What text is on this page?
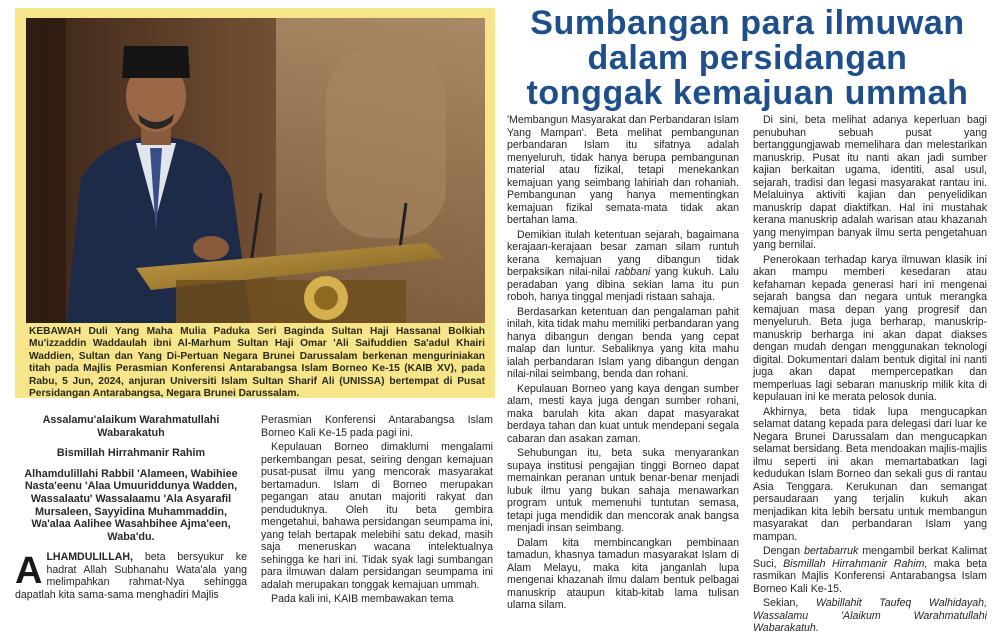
Sumbangan para ilmuwan
dalam persidangan
tonggak kemajuan ummah
KEBAWAH Duli Yang Maha Mulia Paduka Seri Baginda Sultan Haji Hassanal Bolkiah Mu'izzaddin Waddaulah ibni Al-Marhum Sultan Haji Omar 'Ali Saifuddien Sa'adul Khairi Waddien, Sultan dan Yang Di-Pertuan Negara Brunei Darussalam berkenan menguriniakan titah pada Majlis Perasmian Konferensi Antarabangsa Islam Borneo Ke-15 (KAIB XV), pada Rabu, 5 Jun, 2024, anjuran Universiti Islam Sultan Sharif Ali (UNISSA) bertempat di Pusat Persidangan Antarabangsa, Negara Brunei Darussalam.

Assalamu'alaikum Warahmatullahi Wabarakatuh

Bismillah Hirrahmanir Rahim

Alhamdulillahi Rabbil 'Alameen, Wabihiee Nasta'eenu 'Alaa Umuuriddunya Wadden, Wassalaatu' Wassalaamu 'Ala Asyarafil Mursaleen, Sayyidina Muhammaddin, Wa'alaa Aalihee Wasahbihee Ajma'een, Waba'du.

ALHAMDULILLAH, beta bersyukur ke hadrat Allah Subhanahu Wata'ala yang melimpahkan rahmat-Nya sehingga dapatlah kita sama-sama menghadiri Majlis

Perasmian Konferensi Antarabangsa Islam Borneo Kali Ke-15 pada pagi ini.

Kepulauan Borneo dimaklumi mengalami perkembangan pesat, seiring dengan kemajuan pusat-pusat ilmu yang mencorak masyarakat bertamadun. Islam di Borneo merupakan pegangan atau anutan majoriti rakyat dan penduduknya. Oleh itu beta gembira mengetahui, bahawa persidangan seumpama ini, yang telah bertapak melebihi satu dekad, masih saja meneruskan wacana intelektualnya sehingga ke hari ini. Tidak syak lagi sumbangan para ilmuwan dalam persidangan seumpama ini adalah merupakan tonggak kemajuan ummah.

Pada kali ini, KAIB membawakan tema

'Membangun Masyarakat dan Perbandaran Islam Yang Mampan'. Beta melihat pembangunan perbandaran Islam itu sifatnya adalah menyeluruh, tidak hanya berupa pembangunan material atau fizikal, tetapi menekankan kemajuan yang seimbang lahiriah dan rohaniah. Pembangunan yang hanya mementingkan kemajuan fizikal semata-mata tidak akan bertahan lama.

Demikian itulah ketentuan sejarah, bagaimana kerajaan-kerajaan besar zaman silam runtuh kerana kemajuan yang dibangun tidak berpaksikan nilai-nilai rabbani yang kukuh. Lalu peradaban yang dibina sekian lama itu pun roboh, hanya tinggal menjadi ristaan sahaja.

Berdasarkan ketentuan dan pengalaman pahit inilah, kita tidak mahu memiliki perbandaran yang hanya dibangun dengan benda yang cepat malap dan luntur. Sebaliknya yang kita mahu ialah perbandaran Islam yang dibangun dengan nilai-nilai seimbang, benda dan rohani.

Kepulauan Borneo yang kaya dengan sumber alam, mesti kaya juga dengan sumber rohani, maka barulah kita akan dapat masyarakat berdaya tahan dan kuat untuk mendepani segala cabaran dan asakan zaman.

Sehubungan itu, beta suka menyarankan supaya institusi pengajian tinggi Borneo dapat memainkan peranan untuk benar-benar menjadi lubuk ilmu yang bukan sahaja menawarkan program untuk memenuhi tuntutan semasa, tetapi juga mendidik dan mencorak anak bangsa menjadi insan seimbang.

Dalam kita membincangkan pembinaan tamadun, khasnya tamadun masyarakat Islam di Alam Melayu, maka kita janganlah lupa mengenai khazanah ilmu dalam bentuk pelbagai manuskrip ataupun kitab-kitab lama tulisan ulama silam.

Di sini, beta melihat adanya keperluan bagi penubuhan sebuah pusat yang bertanggungjawab memelihara dan melestarikan manuskrip. Pusat itu nanti akan jadi sumber kajian berkaitan ugama, identiti, asal usul, sejarah, tradisi dan legasi masyarakat rantau ini. Melaluinya aktiviti kajian dan penyelidikan manuskrip dapat diaktifkan. Hal ini mustahak kerana manuskrip adalah warisan atau khazanah yang menyimpan banyak ilmu serta pengetahuan yang bernilai.

Penerokaan terhadap karya ilmuwan klasik ini akan mampu memberi kesedaran atau kefahaman kepada generasi hari ini mengenai sejarah bangsa dan negara untuk merangka kemajuan masa depan yang progresif dan menyeluruh. Beta juga berharap, manuskrip-manuskrip berharga ini akan dapat diakses dengan mudah dengan menggunakan teknologi digital. Dokumentari dalam bentuk digital ini nanti juga akan dapat mempercepatkan dan memperluas lagi sebaran manuskrip milik kita di kepulauan ini ke merata pelosok dunia.

Akhirnya, beta tidak lupa mengucapkan selamat datang kepada para delegasi dari luar ke Negara Brunei Darussalam dan mengucapkan selamat bersidang. Beta mendoakan majlis-majlis ilmu seperti ini akan memartabatkan lagi kedudukan Islam Borneo dan sekali gus di rantau Asia Tenggara. Kerukunan dan semangat persaudaraan yang terjalin kukuh akan menjadikan kita lebih bersatu untuk membangun masyarakat dan perbandaran Islam yang mampan.

Dengan bertabarruk mengambil berkat Kalimat Suci, Bismillah Hirrahmanir Rahim, maka beta rasmikan Majlis Konferensi Antarabangsa Islam Borneo Kali Ke-15.

Sekian, Wabillahit Taufeq Walhidayah, Wassalamu 'Alaikum Warahmatullahi Wabarakatuh.
